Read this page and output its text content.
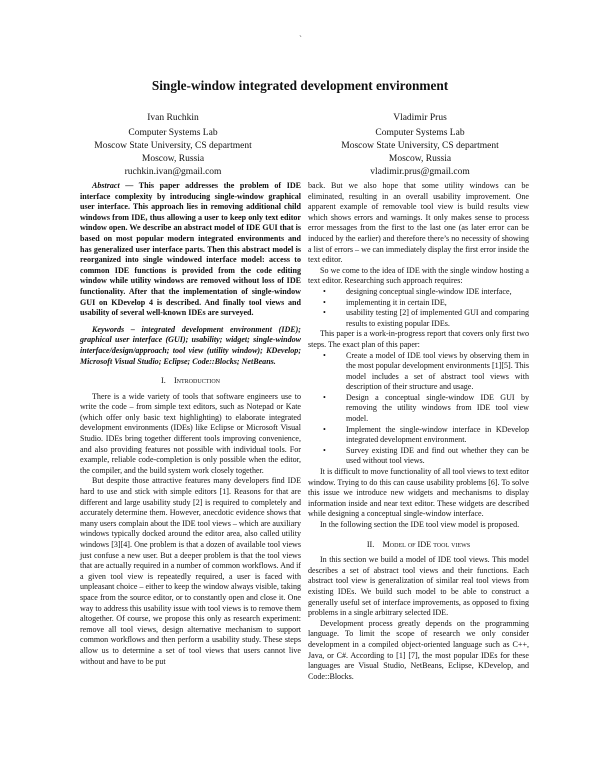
`
Single-window integrated development environment
Ivan Ruchkin
Computer Systems Lab
Moscow State University, CS department
Moscow, Russia
ruchkin.ivan@gmail.com
Vladimir Prus
Computer Systems Lab
Moscow State University, CS department
Moscow, Russia
vladimir.prus@gmail.com

Abstract — This paper addresses the problem of IDE interface complexity by introducing single-window graphical user interface. This approach lies in removing additional child windows from IDE, thus allowing a user to keep only text editor window open. We describe an abstract model of IDE GUI that is based on most popular modern integrated environments and has generalized user interface parts. Then this abstract model is reorganized into single windowed interface model: access to common IDE functions is provided from the code editing window while utility windows are removed without loss of IDE functionality. After that the implementation of single-window GUI on KDevelop 4 is described. And finally tool views and usability of several well-known IDEs are surveyed.

Keywords – integrated development environment (IDE); graphical user interface (GUI); usability; widget; single-window interface/design/approach; tool view (utility window); KDevelop; Microsoft Visual Studio; Eclipse; Code::Blocks; NetBeans.

I. Introduction

There is a wide variety of tools that software engineers use to write the code – from simple text editors, such as Notepad or Kate (which offer only basic text highlighting) to elaborate integrated development environments (IDEs) like Eclipse or Microsoft Visual Studio. IDEs bring together different tools improving convenience, and also providing features not possible with individual tools. For example, reliable code-completion is only possible when the editor, the compiler, and the build system work closely together.

But despite those attractive features many developers find IDE hard to use and stick with simple editors [1]. Reasons for that are different and large usability study [2] is required to completely and accurately determine them. However, anecdotic evidence shows that many users complain about the IDE tool views – which are auxiliary windows typically docked around the editor area, also called utility windows [3][4]. One problem is that a dozen of available tool views just confuse a new user. But a deeper problem is that the tool views that are actually required in a number of common workflows. And if a given tool view is repeatedly required, a user is faced with unpleasant choice – either to keep the window always visible, taking space from the source editor, or to constantly open and close it. One way to address this usability issue with tool views is to remove them altogether. Of course, we propose this only as research experiment: remove all tool views, design alternative mechanism to support common workflows and then perform a usability study. These steps allow us to determine a set of tool views that users cannot live without and have to be put

back. But we also hope that some utility windows can be eliminated, resulting in an overall usability improvement. One apparent example of removable tool view is build results view which shows errors and warnings. It only makes sense to process error messages from the first to the last one (as later error can be induced by the earlier) and therefore there’s no necessity of showing a list of errors – we can immediately display the first error inside the text editor.

So we come to the idea of IDE with the single window hosting a text editor. Researching such approach requires:

• designing conceptual single-window IDE interface,
• implementing it in certain IDE,
• usability testing [2] of implemented GUI and comparing results to existing popular IDEs.

This paper is a work-in-progress report that covers only first two steps. The exact plan of this paper:

• Create a model of IDE tool views by observing them in the most popular development environments [1][5]. This model includes a set of abstract tool views with description of their structure and usage.
• Design a conceptual single-window IDE GUI by removing the utility windows from IDE tool view model.
• Implement the single-window interface in KDevelop integrated development environment.
• Survey existing IDE and find out whether they can be used without tool views.

It is difficult to move functionality of all tool views to text editor window. Trying to do this can cause usability problems [6]. To solve this issue we introduce new widgets and mechanisms to display information inside and near text editor. These widgets are described while designing a conceptual single-window interface.

In the following section the IDE tool view model is proposed.

II. Model of IDE tool views

In this section we build a model of IDE tool views. This model describes a set of abstract tool views and their functions. Each abstract tool view is generalization of similar real tool views from existing IDEs. We build such model to be able to construct a generally useful set of interface improvements, as opposed to fixing problems in a single arbitrary selected IDE.

Development process greatly depends on the programming language. To limit the scope of research we only consider development in a compiled object-oriented language such as C++, Java, or C#. According to [1] [7], the most popular IDEs for these languages are Visual Studio, NetBeans, Eclipse, KDevelop, and Code::Blocks.
